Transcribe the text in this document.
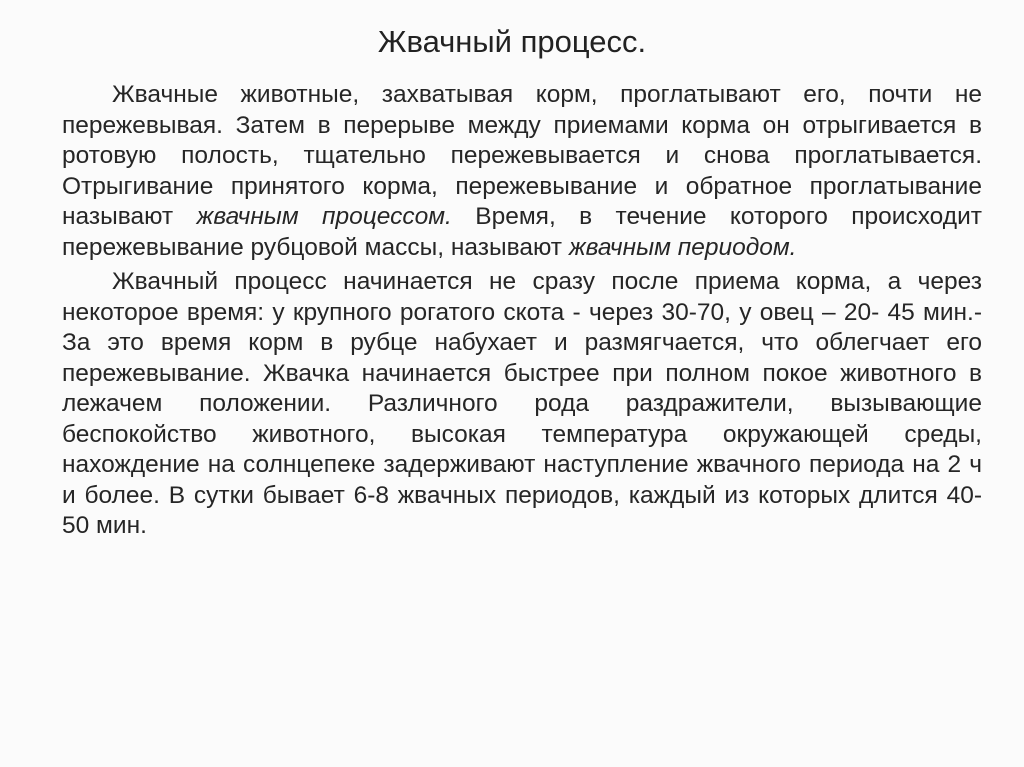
Жвачный процесс.

Жвачные животные, захватывая корм, проглатывают его, почти не пережевывая. Затем в перерыве между приемами корма он отрыгивается в ротовую полость, тщательно пережевывается и снова проглатывается. Отрыгивание принятого корма, пережевывание и обратное проглатывание называют жвачным процессом. Время, в течение которого происходит пережевывание рубцовой массы, называют жвачным периодом.

Жвачный процесс начинается не сразу после приема корма, а через некоторое время: у крупного рогатого скота - через 30-70, у овец – 20- 45 мин.- За это время корм в рубце набухает и размягчается, что облегчает его пережевывание. Жвачка начинается быстрее при полном покое животного в лежачем положении. Различного рода раздражители, вызывающие беспокойство животного, высокая температура окружающей среды, нахождение на солнцепеке задерживают наступление жвачного периода на 2 ч и более. В сутки бывает 6-8 жвачных периодов, каждый из которых длится 40-50 мин.
